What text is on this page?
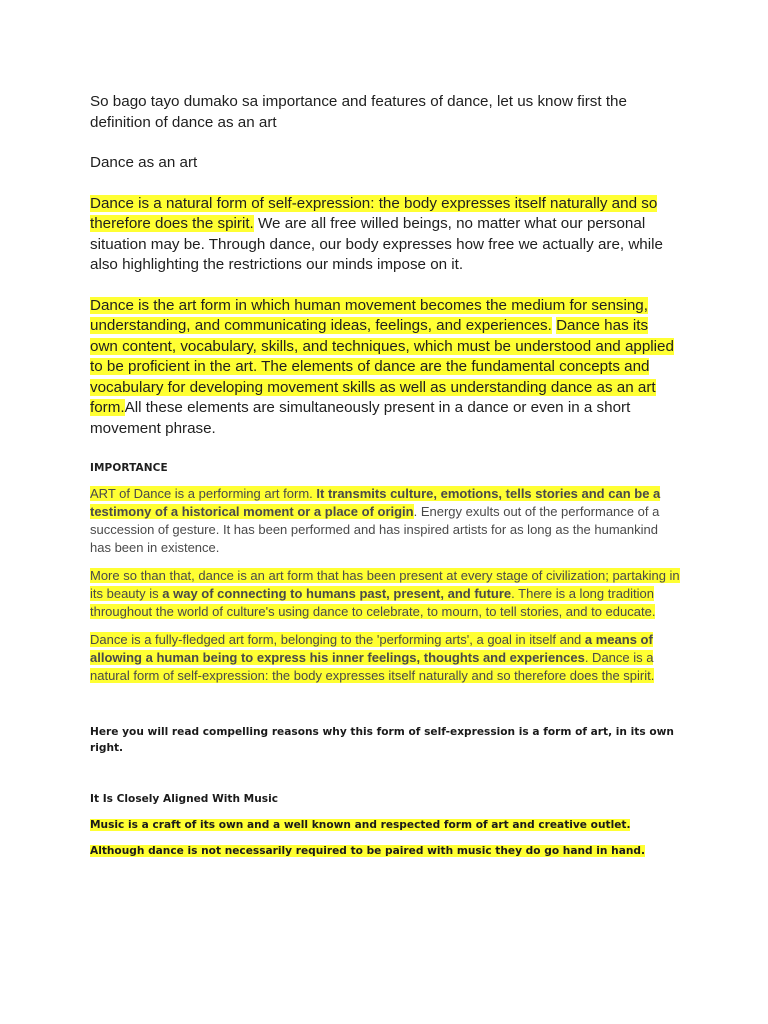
So bago tayo dumako sa importance and features of dance, let us know first the definition of dance as an art

Dance as an art

Dance is a natural form of self-expression: the body expresses itself naturally and so therefore does the spirit. We are all free willed beings, no matter what our personal situation may be. Through dance, our body expresses how free we actually are, while also highlighting the restrictions our minds impose on it.

Dance is the art form in which human movement becomes the medium for sensing, understanding, and communicating ideas, feelings, and experiences. Dance has its own content, vocabulary, skills, and techniques, which must be understood and applied to be proficient in the art. The elements of dance are the fundamental concepts and vocabulary for developing movement skills as well as understanding dance as an art form.All these elements are simultaneously present in a dance or even in a short movement phrase.

IMPORTANCE

ART of Dance is a performing art form. It transmits culture, emotions, tells stories and can be a testimony of a historical moment or a place of origin. Energy exults out of the performance of a succession of gesture. It has been performed and has inspired artists for as long as the humankind has been in existence.

More so than that, dance is an art form that has been present at every stage of civilization; partaking in its beauty is a way of connecting to humans past, present, and future. There is a long tradition throughout the world of culture's using dance to celebrate, to mourn, to tell stories, and to educate.

Dance is a fully-fledged art form, belonging to the 'performing arts', a goal in itself and a means of allowing a human being to express his inner feelings, thoughts and experiences. Dance is a natural form of self-expression: the body expresses itself naturally and so therefore does the spirit.

Here you will read compelling reasons why this form of self-expression is a form of art, in its own right.

It Is Closely Aligned With Music

Music is a craft of its own and a well known and respected form of art and creative outlet.

Although dance is not necessarily required to be paired with music they do go hand in hand.
